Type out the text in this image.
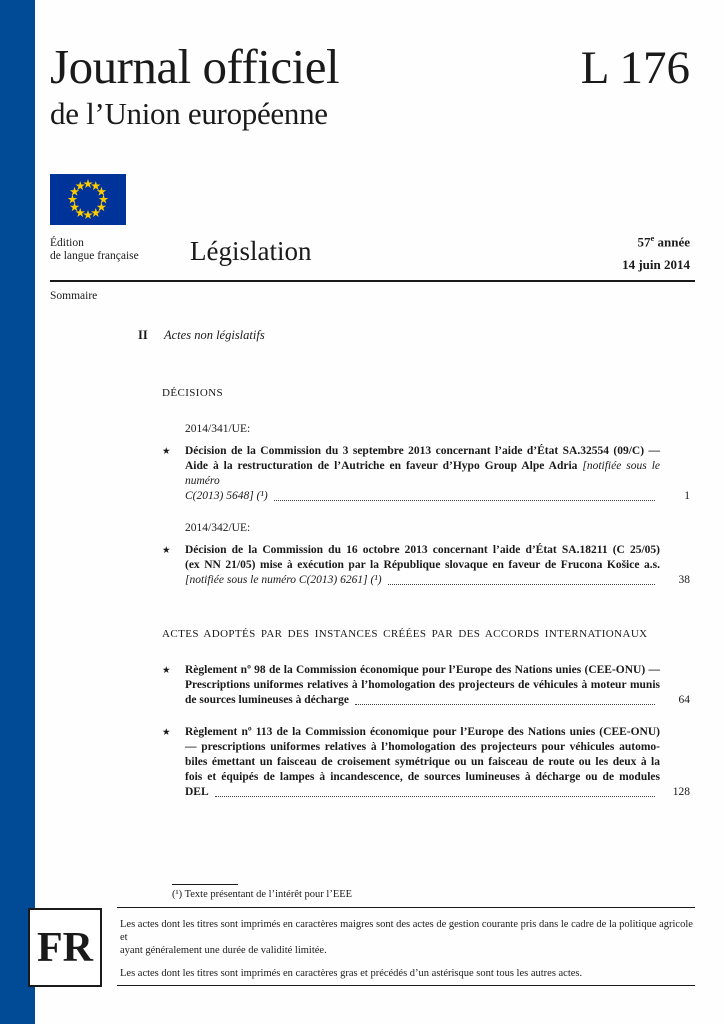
Journal officiel	L 176
de l’Union européenne
Édition
de langue française Législation	57e année
14 juin 2014
Sommaire
II	Actes non législatifs
DÉCISIONS
2014/341/UE:
★	Décision de la Commission du 3 septembre 2013 concernant l’aide d’État SA.32554 (09/C) —
Aide à la restructuration de l’Autriche en faveur d’Hypo Group Alpe Adria [notifiée sous le numéro
C(2013) 5648] (¹)	1
2014/342/UE:
★	Décision de la Commission du 16 octobre 2013 concernant l’aide d’État SA.18211 (C 25/05)
(ex NN 21/05) mise à exécution par la République slovaque en faveur de Frucona Košice a.s.
[notifiée sous le numéro C(2013) 6261] (¹)	38
ACTES ADOPTÉS PAR DES INSTANCES CRÉÉES PAR DES ACCORDS INTERNATIONAUX
★	Règlement nº 98 de la Commission économique pour l’Europe des Nations unies (CEE-ONU) —
Prescriptions uniformes relatives à l’homologation des projecteurs de véhicules à moteur munis
de sources lumineuses à décharge	64
★	Règlement nº 113 de la Commission économique pour l’Europe des Nations unies (CEE-ONU)
— prescriptions uniformes relatives à l’homologation des projecteurs pour véhicules automo-
biles émettant un faisceau de croisement symétrique ou un faisceau de route ou les deux à la
fois et équipés de lampes à incandescence, de sources lumineuses à décharge ou de modules
DEL	128
(¹) Texte présentant de l’intérêt pour l’EEE
FR	Les actes dont les titres sont imprimés en caractères maigres sont des actes de gestion courante pris dans le cadre de la politique agricole et
ayant généralement une durée de validité limitée.
Les actes dont les titres sont imprimés en caractères gras et précédés d’un astérisque sont tous les autres actes.
